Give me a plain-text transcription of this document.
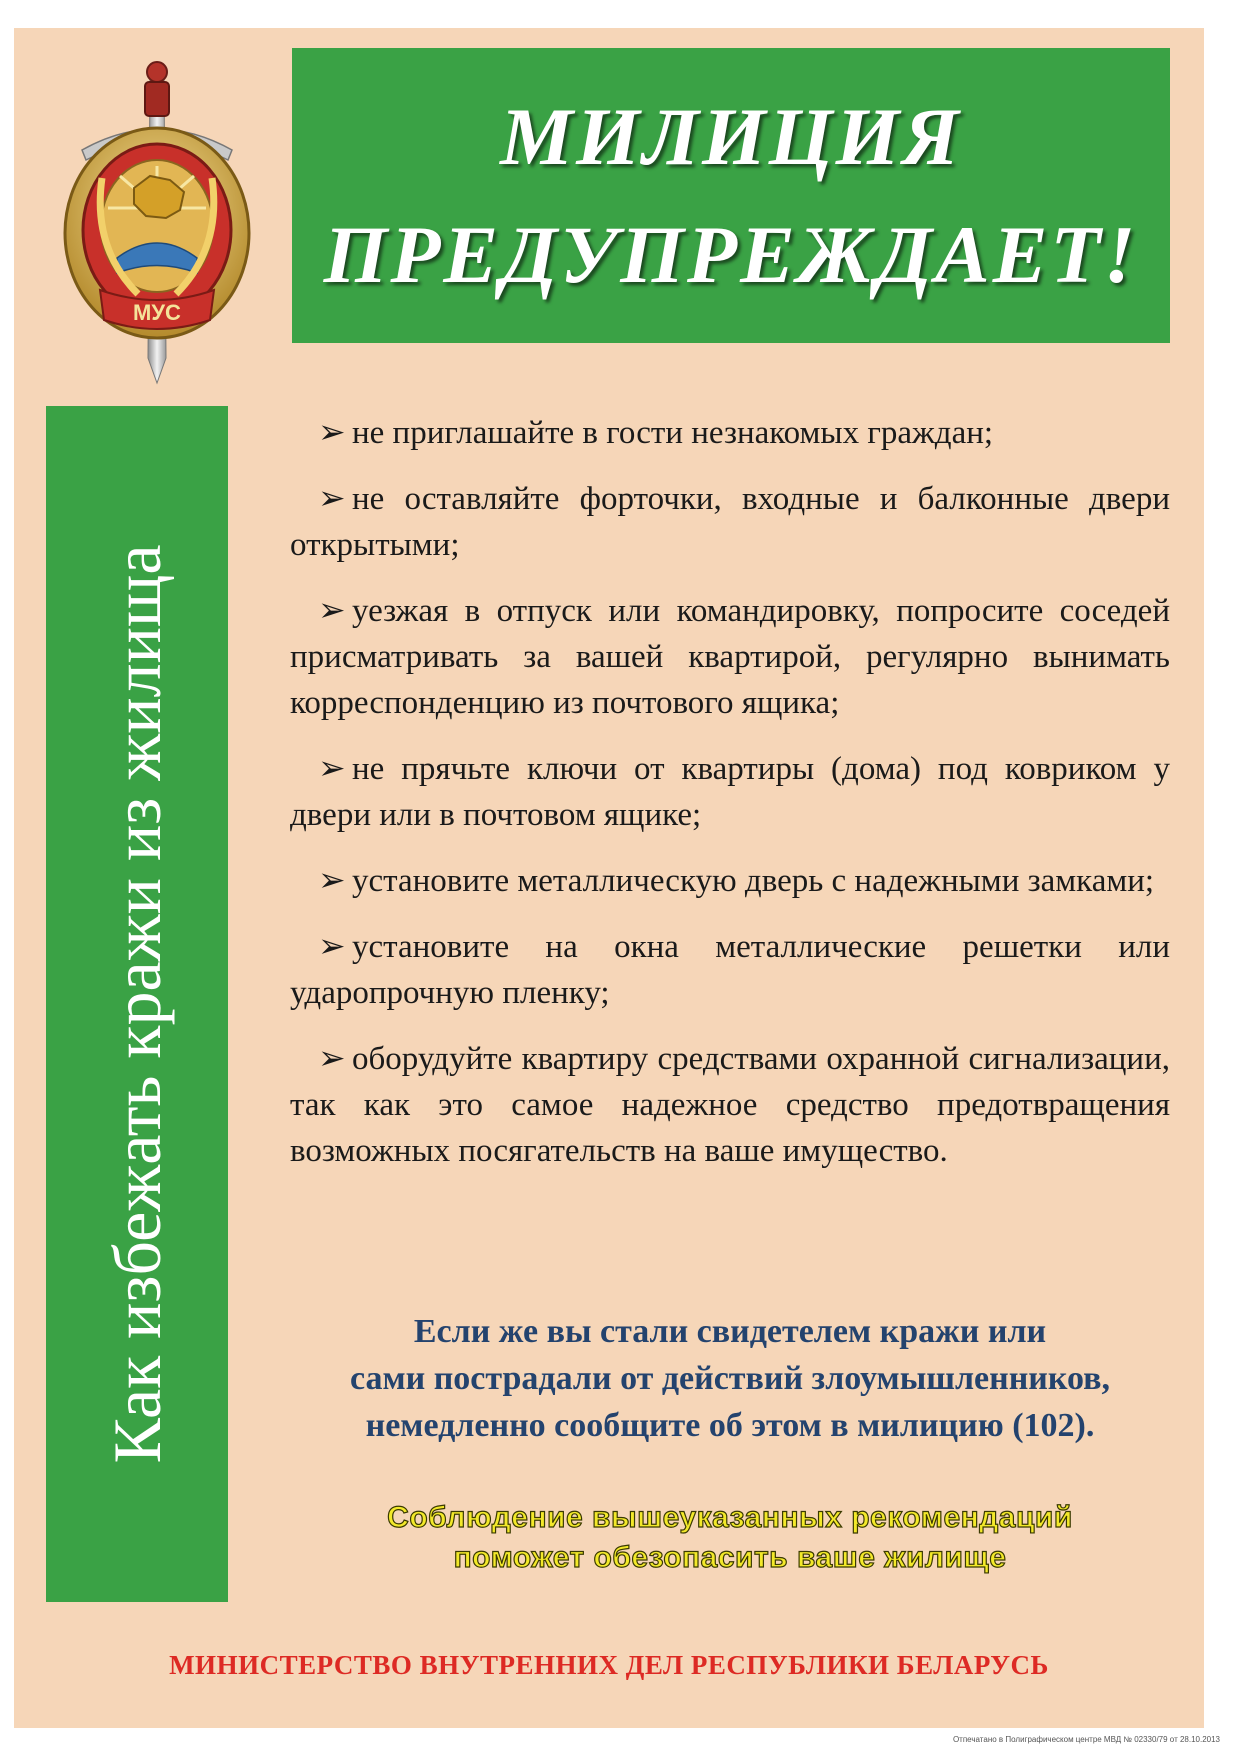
МУС
МИЛИЦИЯ
ПРЕДУПРЕЖДАЕТ!
Как избежать кражи из жилища

➢ не приглашайте в гости незнакомых граждан;

➢ не оставляйте форточки, входные и балконные двери открытыми;

➢ уезжая в отпуск или командировку, попросите соседей присматривать за вашей квартирой, регулярно вынимать корреспонденцию из почтового ящика;

➢ не прячьте ключи от квартиры (дома) под ковриком у двери или в почтовом ящике;

➢ установите металлическую дверь с надежными замками;

➢ установите на окна металлические решетки или ударопрочную пленку;

➢ оборудуйте квартиру средствами охранной сигнализации, так как это самое надежное средство предотвращения возможных посягательств на ваше имущество.

Если же вы стали свидетелем кражи или
сами пострадали от действий злоумышленников,
немедленно сообщите об этом в милицию (102).
Соблюдение вышеуказанных рекомендаций
поможет обезопасить ваше жилище
МИНИСТЕРСТВО ВНУТРЕННИХ ДЕЛ РЕСПУБЛИКИ БЕЛАРУСЬ
Отпечатано в Полиграфическом центре МВД № 02330/79 от 28.10.2013
